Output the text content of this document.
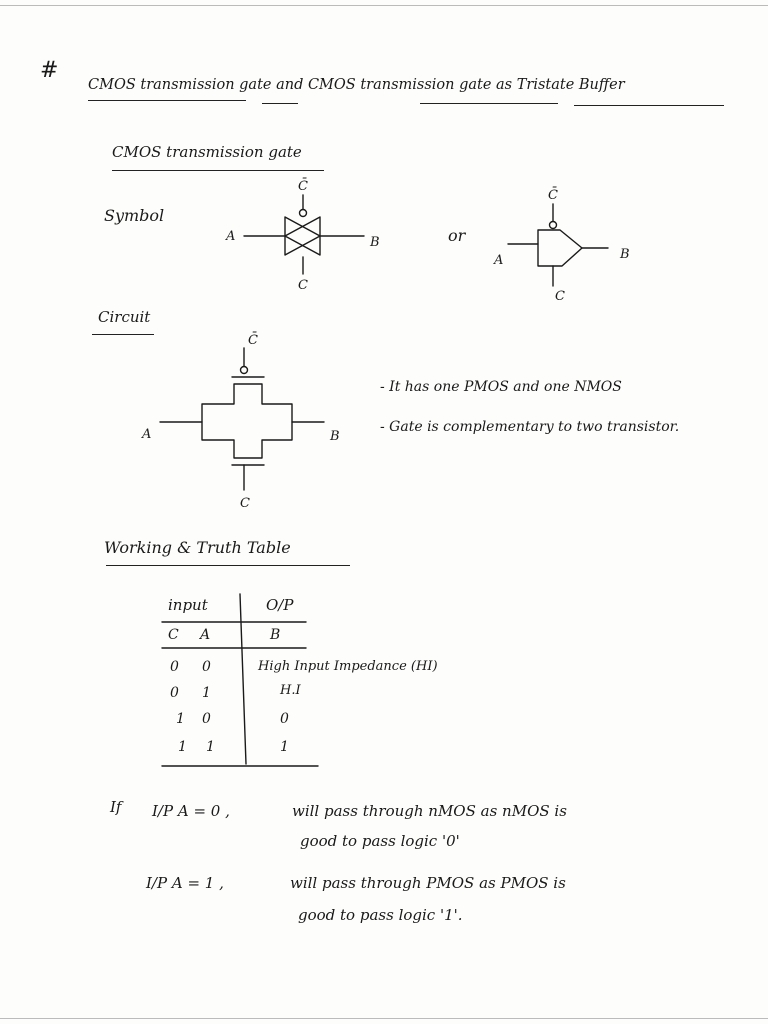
#
CMOS transmission gate and CMOS transmission gate as Tristate Buffer
CMOS transmission gate
Symbol
or
Circuit
- It has one PMOS and one NMOS
- Gate is complementary to two transistor.
Working & Truth Table
input	O/P
C A	B
0 0	High Input Impedance (HI)
0 1	H.I
1 0	0
1 1	1
If I/P A = 0 ,	will pass through nMOS as nMOS is
good to pass logic '0'
I/P A = 1 ,	will pass through PMOS as PMOS is
good to pass logic '1'.
A	B
C
C̄
A	B
C
C̄
A	B
C
C̄
